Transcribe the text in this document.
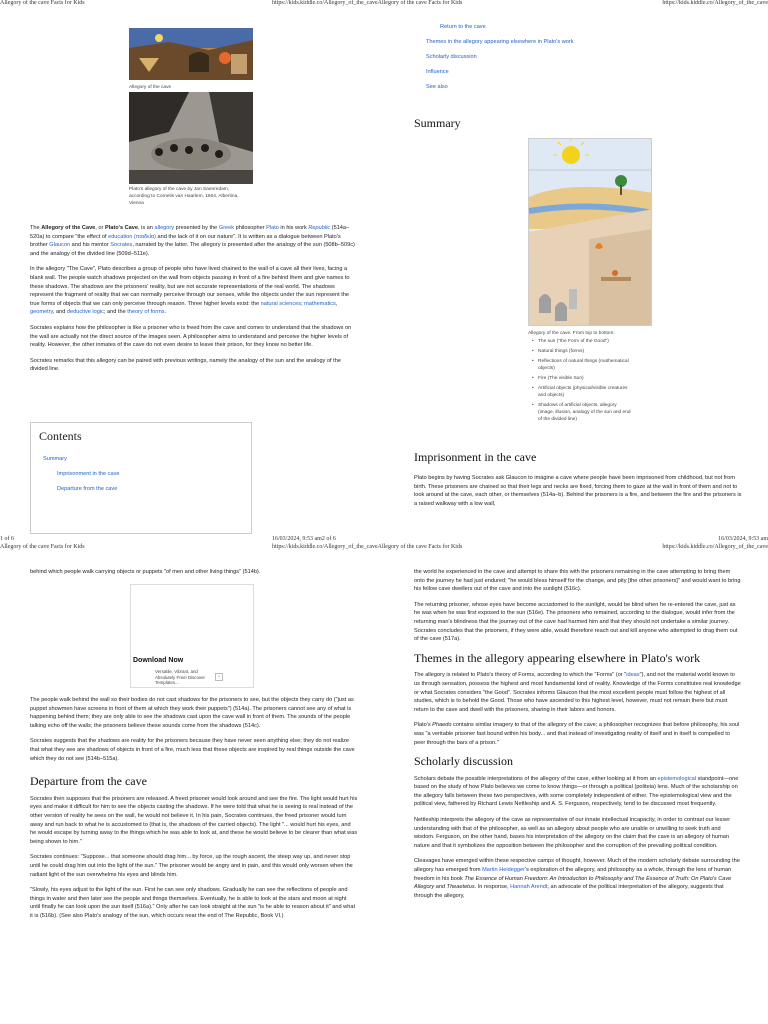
Allegory of the cave Facts for Kids	https://kids.kiddle.co/Allegory_of_the_caveAllegory of the cave Facts for Kids	https://kids.kiddle.co/Allegory_of_the_cave
Allegory of the cave
Plato's allegory of the cave by Jan Saenredam, according to Cornelis van Haarlem, 1604, Albertina, Vienna

The Allegory of the Cave, or Plato's Cave, is an allegory presented by the Greek philosopher Plato in his work Republic (514a–520a) to compare "the effect of education (παιδεία) and the lack of it on our nature". It is written as a dialogue between Plato's brother Glaucon and his mentor Socrates, narrated by the latter. The allegory is presented after the analogy of the sun (508b–509c) and the analogy of the divided line (509d–511e).

In the allegory "The Cave", Plato describes a group of people who have lived chained to the wall of a cave all their lives, facing a blank wall. The people watch shadows projected on the wall from objects passing in front of a fire behind them and give names to these shadows. The shadows are the prisoners' reality, but are not accurate representations of the real world. The shadows represent the fragment of reality that we can normally perceive through our senses, while the objects under the sun represent the true forms of objects that we can only perceive through reason. Three higher levels exist: the natural sciences; mathematics, geometry, and deductive logic; and the theory of forms.

Socrates explains how the philosopher is like a prisoner who is freed from the cave and comes to understand that the shadows on the wall are actually not the direct source of the images seen. A philosopher aims to understand and perceive the higher levels of reality. However, the other inmates of the cave do not even desire to leave their prison, for they know no better life.

Socrates remarks that this allegory can be paired with previous writings, namely the analogy of the sun and the analogy of the divided line.

Contents
Summary
Imprisonment in the cave
Departure from the cave
Return to the cave
Themes in the allegory appearing elsewhere in Plato's work
Scholarly discussion
Influence
See also
Summary
Allegory of the cave. From top to bottom:
• The sun ("the Form of the Good")
• Natural things (forms)
• Reflections of natural things (mathematical objects)
• Fire (The visible Sun)
• Artificial objects (physical/visible creatures and objects)
• Shadows of artificial objects, allegory (image, illusion, analogy of the sun and end of the divided line)
Imprisonment in the cave

Plato begins by having Socrates ask Glaucon to imagine a cave where people have been imprisoned from childhood, but not from birth. These prisoners are chained so that their legs and necks are fixed, forcing them to gaze at the wall in front of them and not to look around at the cave, each other, or themselves (514a–b). Behind the prisoners is a fire, and between the fire and the prisoners is a raised walkway with a low wall,

1 of 6	16/03/2024, 9:53 am2 of 6	16/03/2024, 9:53 am
Allegory of the cave Facts for Kids	https://kids.kiddle.co/Allegory_of_the_caveAllegory of the cave Facts for Kids	https://kids.kiddle.co/Allegory_of_the_cave

behind which people walk carrying objects or puppets "of men and other living things" (514b).

Download Now
Versatile, Vibrant, and Absolutely Free! Discover Templates...
›

The people walk behind the wall so their bodies do not cast shadows for the prisoners to see, but the objects they carry do ("just as puppet showmen have screens in front of them at which they work their puppets") (514a). The prisoners cannot see any of what is happening behind them; they are only able to see the shadows cast upon the cave wall in front of them. The sounds of the people talking echo off the walls; the prisoners believe these sounds come from the shadows (514c).

Socrates suggests that the shadows are reality for the prisoners because they have never seen anything else; they do not realize that what they see are shadows of objects in front of a fire, much less that these objects are inspired by real things outside the cave which they do not see (514b–515a).

Departure from the cave

Socrates then supposes that the prisoners are released. A freed prisoner would look around and see the fire. The light would hurt his eyes and make it difficult for him to see the objects casting the shadows. If he were told that what he is seeing is real instead of the other version of reality he sees on the wall, he would not believe it. In his pain, Socrates continues, the freed prisoner would turn away and run back to what he is accustomed to (that is, the shadows of the carried objects). The light "... would hurt his eyes, and he would escape by turning away to the things which he was able to look at, and these he would believe to be clearer than what was being shown to him."

Socrates continues: "Suppose... that someone should drag him... by force, up the rough ascent, the steep way up, and never stop until he could drag him out into the light of the sun." The prisoner would be angry and in pain, and this would only worsen when the radiant light of the sun overwhelms his eyes and blinds him.

"Slowly, his eyes adjust to the light of the sun. First he can see only shadows. Gradually he can see the reflections of people and things in water and then later see the people and things themselves. Eventually, he is able to look at the stars and moon at night until finally he can look upon the sun itself (516a)." Only after he can look straight at the sun "is he able to reason about it" and what it is (516b). (See also Plato's analogy of the sun, which occurs near the end of The Republic, Book VI.)

the world he experienced in the cave and attempt to share this with the prisoners remaining in the cave attempting to bring them onto the journey he had just endured; "he would bless himself for the change, and pity [the other prisoners]" and would want to bring his fellow cave dwellers out of the cave and into the sunlight (516c).

The returning prisoner, whose eyes have become accustomed to the sunlight, would be blind when he re-entered the cave, just as he was when he was first exposed to the sun (516e). The prisoners who remained, according to the dialogue, would infer from the returning man's blindness that the journey out of the cave had harmed him and that they should not undertake a similar journey. Socrates concludes that the prisoners, if they were able, would therefore reach out and kill anyone who attempted to drag them out of the cave (517a).

Themes in the allegory appearing elsewhere in Plato's work

The allegory is related to Plato's theory of Forms, according to which the "Forms" (or "ideas"), and not the material world known to us through sensation, possess the highest and most fundamental kind of reality. Knowledge of the Forms constitutes real knowledge or what Socrates considers "the Good". Socrates informs Glaucon that the most excellent people must follow the highest of all studies, which is to behold the Good. Those who have ascended to this highest level, however, must not remain there but must return to the cave and dwell with the prisoners, sharing in their labors and honors.

Plato's Phaedo contains similar imagery to that of the allegory of the cave; a philosopher recognizes that before philosophy, his soul was "a veritable prisoner fast bound within his body... and that instead of investigating reality of itself and in itself is compelled to peer through the bars of a prison."

Scholarly discussion

Scholars debate the possible interpretations of the allegory of the cave, either looking at it from an epistemological standpoint—one based on the study of how Plato believes we come to know things—or through a political (politeia) lens. Much of the scholarship on the allegory falls between these two perspectives, with some completely independent of either. The epistemological view and the political view, fathered by Richard Lewis Nettleship and A. S. Ferguson, respectively, tend to be discussed most frequently.

Nettleship interprets the allegory of the cave as representative of our innate intellectual incapacity, in order to contrast our lesser understanding with that of the philosopher, as well as an allegory about people who are unable or unwilling to seek truth and wisdom. Ferguson, on the other hand, bases his interpretation of the allegory on the claim that the cave is an allegory of human nature and that it symbolizes the opposition between the philosopher and the corruption of the prevailing political condition.

Cleavages have emerged within these respective camps of thought, however. Much of the modern scholarly debate surrounding the allegory has emerged from Martin Heidegger's exploration of the allegory, and philosophy as a whole, through the lens of human freedom in his book The Essence of Human Freedom: An Introduction to Philosophy and The Essence of Truth: On Plato's Cave Allegory and Theaetetus. In response, Hannah Arendt, an advocate of the political interpretation of the allegory, suggests that through the allegory,
